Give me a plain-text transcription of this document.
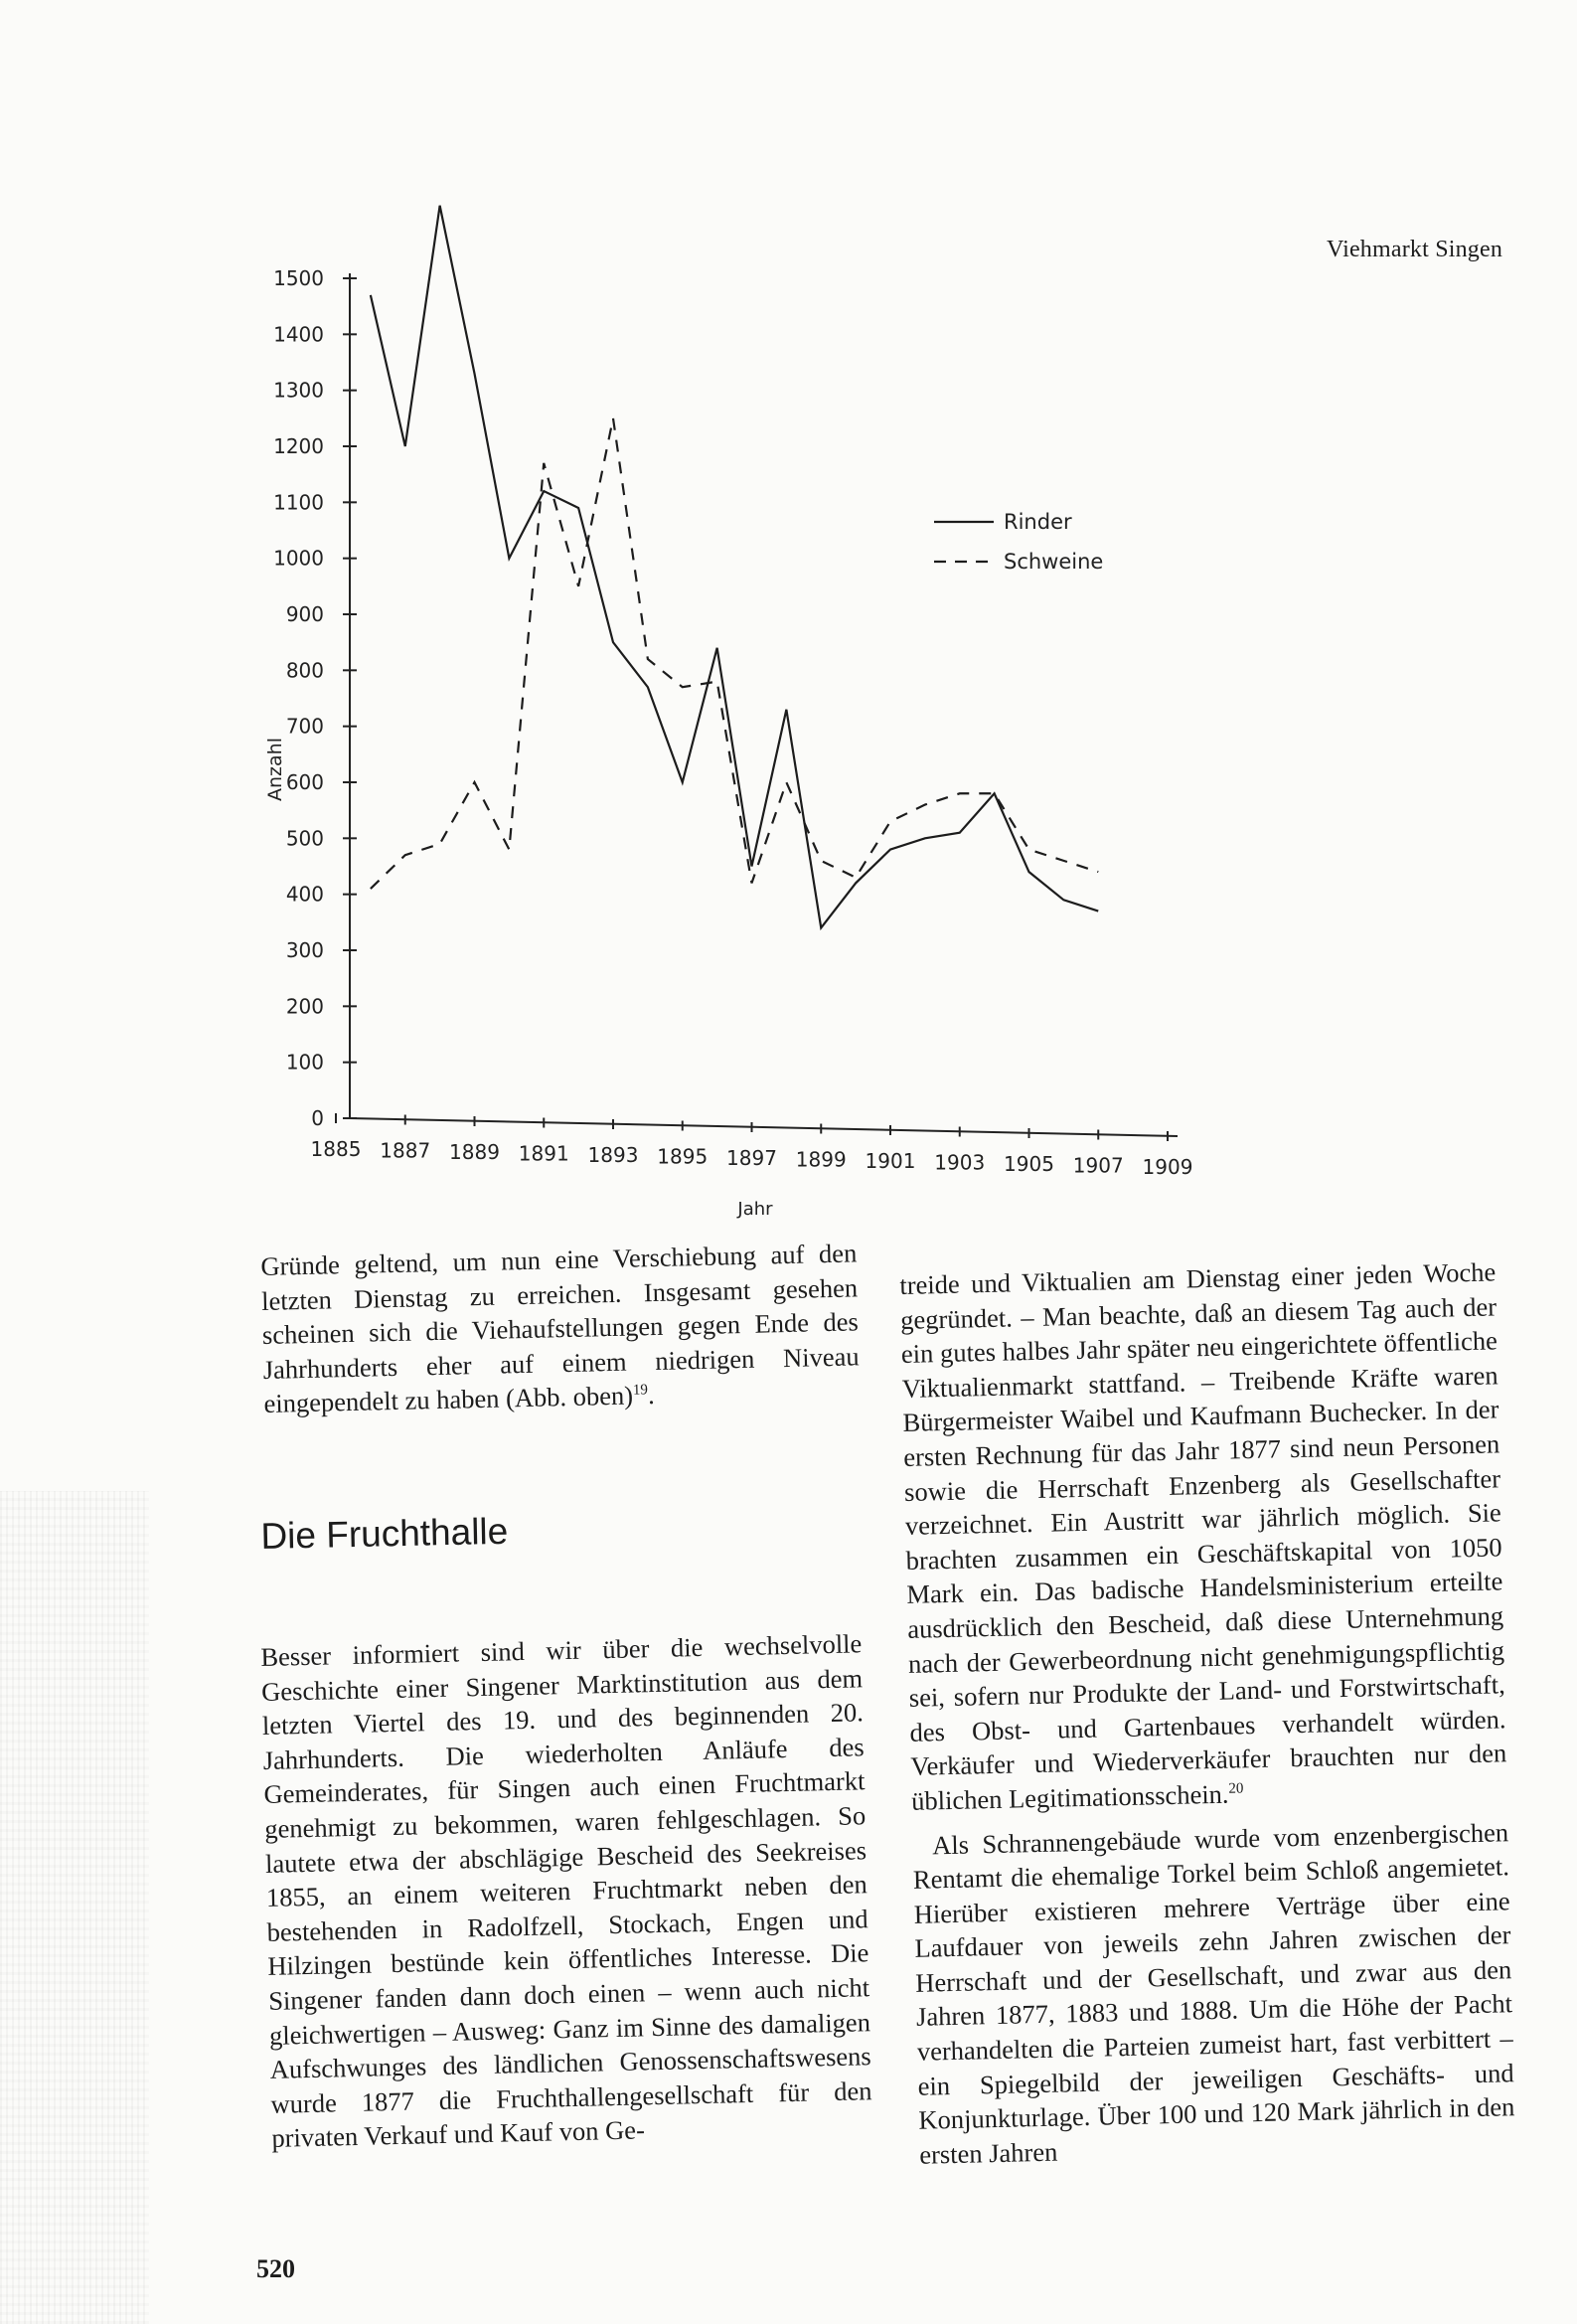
Viehmarkt Singen
0
100
200
300
400
500
600
700
800
900
1000
1100
1200
1300
1400
1500
1885 1887 1889 1891 1893 1895 1897 1899 1901 1903 1905 1907 1909
Anzahl
Jahr
Rinder
Schweine

Gründe geltend, um nun eine Verschiebung auf den letzten Dienstag zu erreichen. Insgesamt gesehen scheinen sich die Viehaufstellungen gegen Ende des Jahrhunderts eher auf einem niedrigen Niveau eingependelt zu haben (Abb. oben)$^{19}$.

Die Fruchthalle

Besser informiert sind wir über die wechselvolle Geschichte einer Singener Marktinstitution aus dem letzten Viertel des 19. und des beginnenden 20. Jahrhunderts. Die wiederholten Anläufe des Gemeinderates, für Singen auch einen Fruchtmarkt genehmigt zu bekommen, waren fehlgeschlagen. So lautete etwa der abschlägige Bescheid des Seekreises 1855, an einem weiteren Fruchtmarkt neben den bestehenden in Radolfzell, Stockach, Engen und Hilzingen bestünde kein öffentliches Interesse. Die Singener fanden dann doch einen – wenn auch nicht gleichwertigen – Ausweg: Ganz im Sinne des damaligen Aufschwunges des ländlichen Genossenschaftswesens wurde 1877 die Fruchthallengesellschaft für den privaten Verkauf und Kauf von Ge-

treide und Viktualien am Dienstag einer jeden Woche gegründet. – Man beachte, daß an diesem Tag auch der ein gutes halbes Jahr später neu eingerichtete öffentliche Viktualienmarkt stattfand. – Treibende Kräfte waren Bürgermeister Waibel und Kaufmann Buchecker. In der ersten Rechnung für das Jahr 1877 sind neun Personen sowie die Herrschaft Enzenberg als Gesellschafter verzeichnet. Ein Austritt war jährlich möglich. Sie brachten zusammen ein Geschäftskapital von 1050 Mark ein. Das badische Handelsministerium erteilte ausdrücklich den Bescheid, daß diese Unternehmung nach der Gewerbeordnung nicht genehmigungspflichtig sei, sofern nur Produkte der Land- und Forstwirtschaft, des Obst- und Gartenbaues verhandelt würden. Verkäufer und Wiederverkäufer brauchten nur den üblichen Legitimationsschein.$^{20}$

Als Schrannengebäude wurde vom enzenbergischen Rentamt die ehemalige Torkel beim Schloß angemietet. Hierüber existieren mehrere Verträge über eine Laufdauer von jeweils zehn Jahren zwischen der Herrschaft und der Gesellschaft, und zwar aus den Jahren 1877, 1883 und 1888. Um die Höhe der Pacht verhandelten die Parteien zumeist hart, fast verbittert – ein Spiegelbild der jeweiligen Geschäfts- und Konjunkturlage. Über 100 und 120 Mark jährlich in den ersten Jahren

520
